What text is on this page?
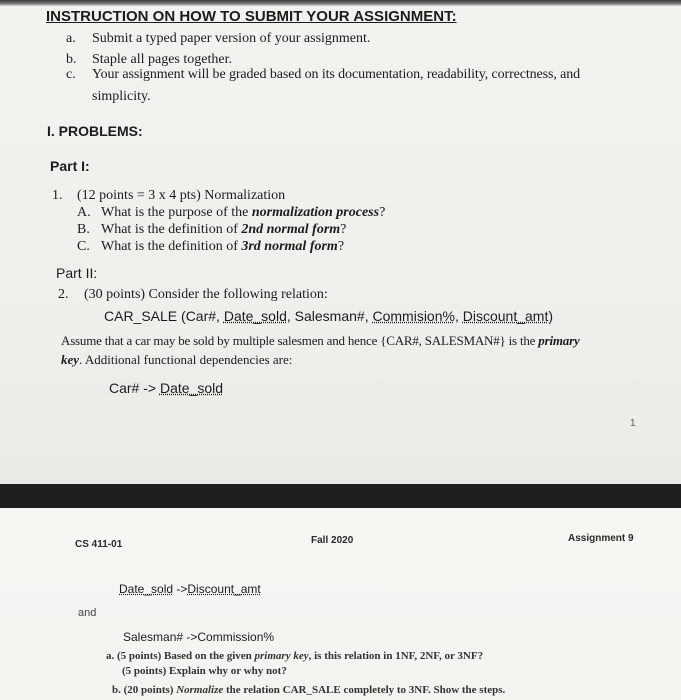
INSTRUCTION ON HOW TO SUBMIT YOUR ASSIGNMENT:
a. Submit a typed paper version of your assignment.
b. Staple all pages together.
c. Your assignment will be graded based on its documentation, readability, correctness, and
simplicity.
I. PROBLEMS:
Part I:
1. (12 points = 3 x 4 pts) Normalization
A. What is the purpose of the normalization process?
B. What is the definition of 2nd normal form?
C. What is the definition of 3rd normal form?
Part II:
2. (30 points) Consider the following relation:
CAR_SALE (Car#, Date_sold, Salesman#, Commision%, Discount_amt)
Assume that a car may be sold by multiple salesmen and hence {CAR#, SALESMAN#} is the primary
key. Additional functional dependencies are:
Car# -> Date_sold
1
CS 411-01	Fall 2020	Assignment 9
Date_sold ->Discount_amt
and
Salesman# ->Commission%
a. (5 points) Based on the given primary key, is this relation in 1NF, 2NF, or 3NF?
(5 points) Explain why or why not?
b. (20 points) Normalize the relation CAR_SALE completely to 3NF. Show the steps.
